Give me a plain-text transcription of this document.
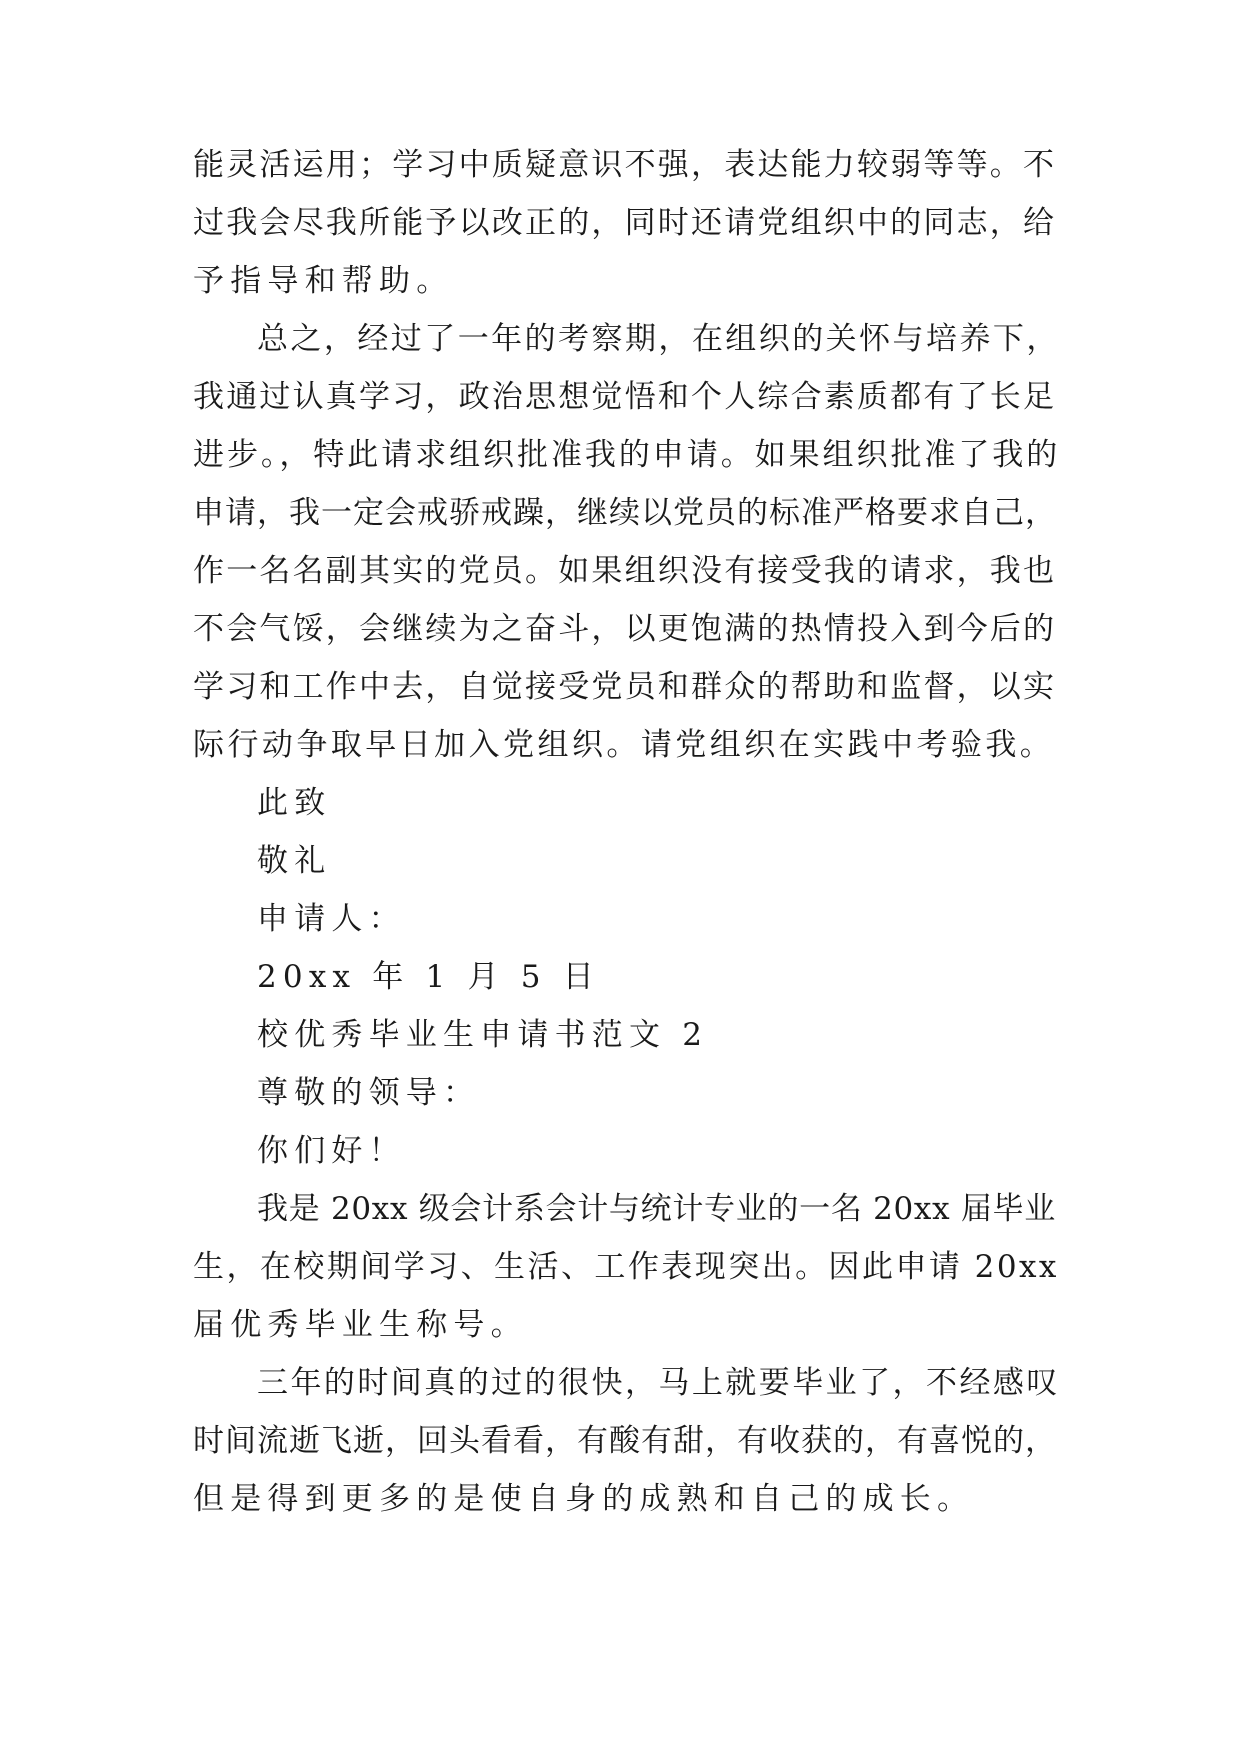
能灵活运用；学习中质疑意识不强，表达能力较弱等等。不

过我会尽我所能予以改正的，同时还请党组织中的同志，给

予指导和帮助。

总之，经过了一年的考察期，在组织的关怀与培养下，

我通过认真学习，政治思想觉悟和个人综合素质都有了长足

进步。，特此请求组织批准我的申请。如果组织批准了我的

申请，我一定会戒骄戒躁，继续以党员的标准严格要求自己，

作一名名副其实的党员。如果组织没有接受我的请求，我也

不会气馁，会继续为之奋斗，以更饱满的热情投入到今后的

学习和工作中去，自觉接受党员和群众的帮助和监督，以实

际行动争取早日加入党组织。请党组织在实践中考验我。

此致

敬礼

申请人：

20xx 年 1 月 5 日

校优秀毕业生申请书范文 2

尊敬的领导：

你们好！

我是 20xx 级会计系会计与统计专业的一名 20xx 届毕业

生，在校期间学习、生活、工作表现突出。因此申请 20xx

届优秀毕业生称号。

三年的时间真的过的很快，马上就要毕业了，不经感叹

时间流逝飞逝，回头看看，有酸有甜，有收获的，有喜悦的，

但是得到更多的是使自身的成熟和自己的成长。
